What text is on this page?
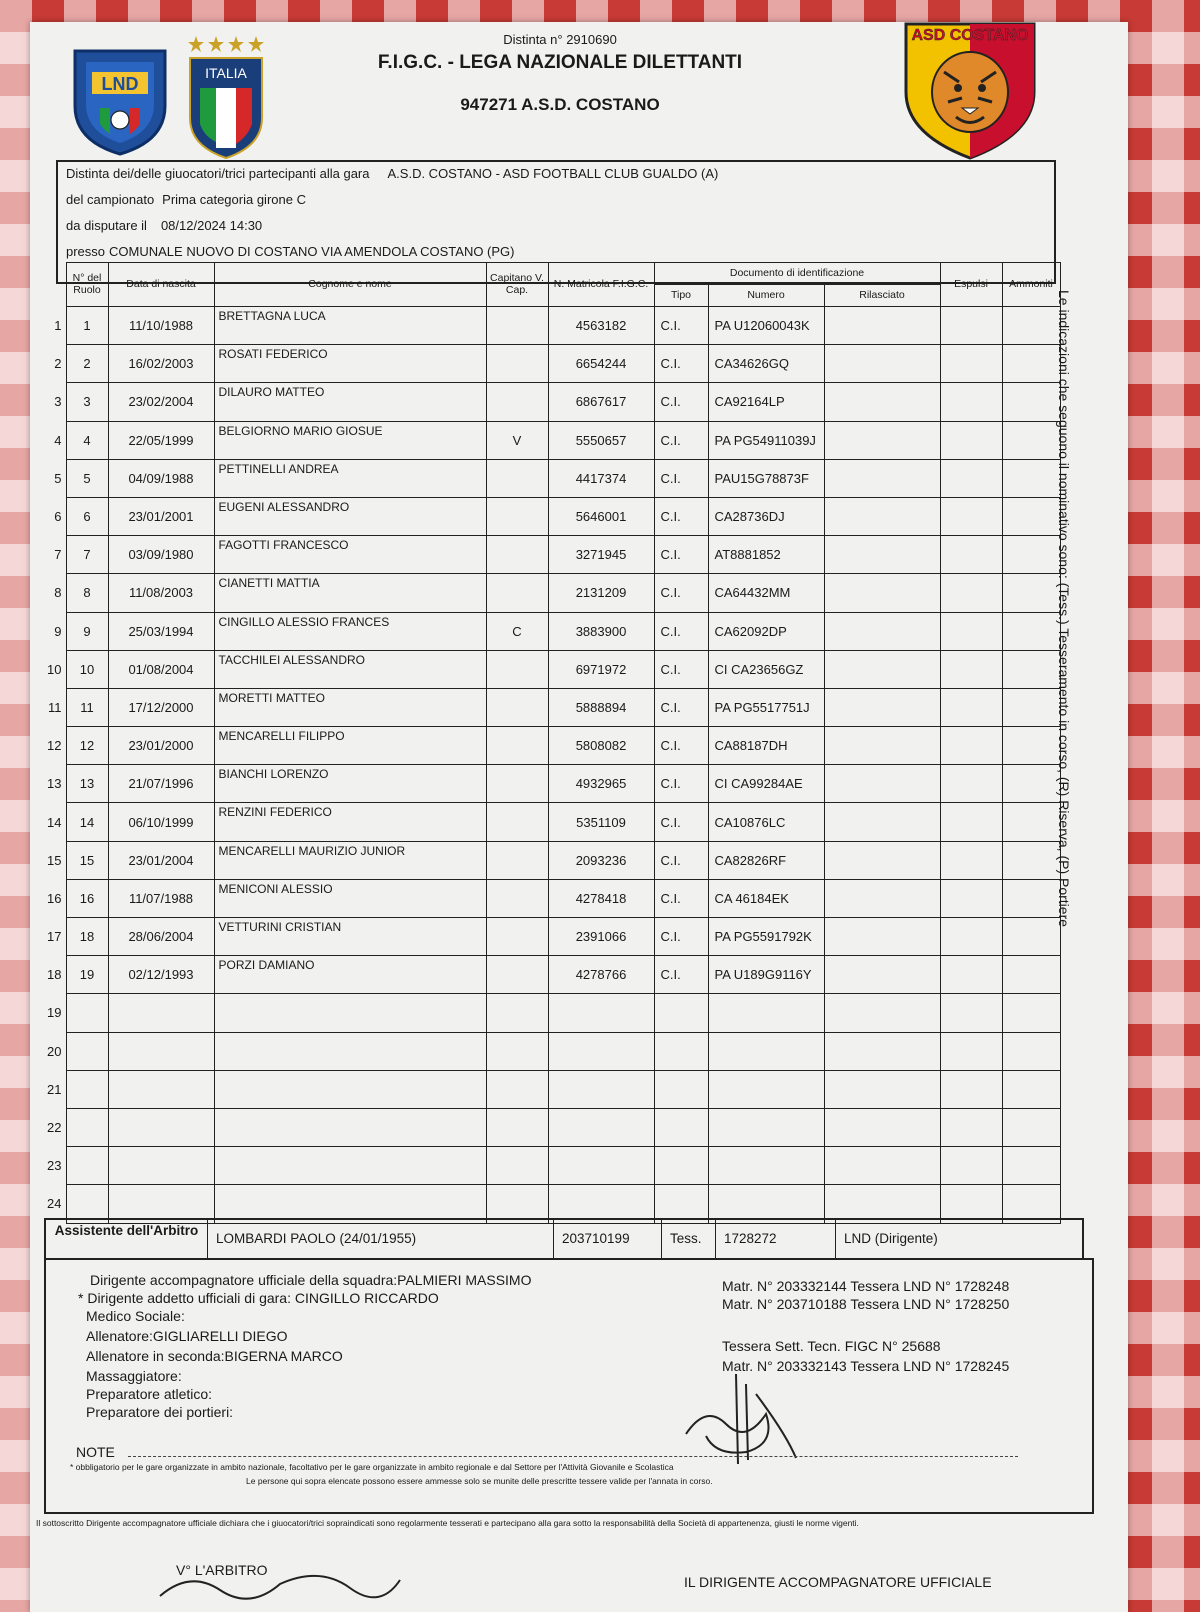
LND
ITALIA
ASD COSTANO
Distinta n° 2910690
F.I.G.C. - LEGA NAZIONALE DILETTANTI
947271 A.S.D. COSTANO
Distinta dei/delle giuocatori/trici partecipanti alla gara A.S.D. COSTANO - ASD FOOTBALL CLUB GUALDO (A)
del campionato Prima categoria girone C
da disputare il 08/12/2024 14:30
presso COMUNALE NUOVO DI COSTANO VIA AMENDOLA COSTANO (PG)
	N° del Ruolo	Data di nascita	Cognome e nome	Capitano V. Cap.	N. Matricola F.I.G.C.	Documento di identificazione			Espulsi	Ammoniti
						Tipo	Numero	Rilasciato		
1	1	11/10/1988	BRETTAGNA LUCA		4563182	C.I.	PA U12060043K			
2	2	16/02/2003	ROSATI FEDERICO		6654244	C.I.	CA34626GQ			
3	3	23/02/2004	DILAURO MATTEO		6867617	C.I.	CA92164LP			
4	4	22/05/1999	BELGIORNO MARIO GIOSUE	V	5550657	C.I.	PA PG54911039J			
5	5	04/09/1988	PETTINELLI ANDREA		4417374	C.I.	PAU15G78873F			
6	6	23/01/2001	EUGENI ALESSANDRO		5646001	C.I.	CA28736DJ			
7	7	03/09/1980	FAGOTTI FRANCESCO		3271945	C.I.	AT8881852			
8	8	11/08/2003	CIANETTI MATTIA		2131209	C.I.	CA64432MM			
9	9	25/03/1994	CINGILLO ALESSIO FRANCES	C	3883900	C.I.	CA62092DP			
10	10	01/08/2004	TACCHILEI ALESSANDRO		6971972	C.I.	CI CA23656GZ			
11	11	17/12/2000	MORETTI MATTEO		5888894	C.I.	PA PG5517751J			
12	12	23/01/2000	MENCARELLI FILIPPO		5808082	C.I.	CA88187DH			
13	13	21/07/1996	BIANCHI LORENZO		4932965	C.I.	CI CA99284AE			
14	14	06/10/1999	RENZINI FEDERICO		5351109	C.I.	CA10876LC			
15	15	23/01/2004	MENCARELLI MAURIZIO JUNIOR		2093236	C.I.	CA82826RF			
16	16	11/07/1988	MENICONI ALESSIO		4278418	C.I.	CA 46184EK			
17	18	28/06/2004	VETTURINI CRISTIAN		2391066	C.I.	PA PG5591792K			
18	19	02/12/1993	PORZI DAMIANO		4278766	C.I.	PA U189G9116Y			
19										
20										
21										
22										
23										
24										
Assistente dell'Arbitro
LOMBARDI PAOLO (24/01/1955)	203710199	Tess.	1728272	LND (Dirigente)
Dirigente accompagnatore ufficiale della squadra:PALMIERI MASSIMO
* Dirigente addetto ufficiali di gara: CINGILLO RICCARDO
Medico Sociale:
Allenatore:GIGLIARELLI DIEGO
Allenatore in seconda:BIGERNA MARCO
Massaggiatore:
Preparatore atletico:
Preparatore dei portieri:
Matr. N° 203332144 Tessera LND N° 1728248
Matr. N° 203710188 Tessera LND N° 1728250
Tessera Sett. Tecn. FIGC N° 25688
Matr. N° 203332143 Tessera LND N° 1728245
NOTE
* obbligatorio per le gare organizzate in ambito nazionale, facoltativo per le gare organizzate in ambito regionale e dal Settore per l'Attività Giovanile e Scolastica
Le persone qui sopra elencate possono essere ammesse solo se munite delle prescritte tessere valide per l'annata in corso.
Le indicazioni che seguono il nominativo sono: (Tess.) Tesseramento in corso, (R) Riserva, (P) Portiere
Il sottoscritto Dirigente accompagnatore ufficiale dichiara che i giuocatori/trici sopraindicati sono regolarmente tesserati e partecipano alla gara sotto la responsabilità della Società di appartenenza, giusti le norme vigenti.
V° L'ARBITRO
IL DIRIGENTE ACCOMPAGNATORE UFFICIALE
